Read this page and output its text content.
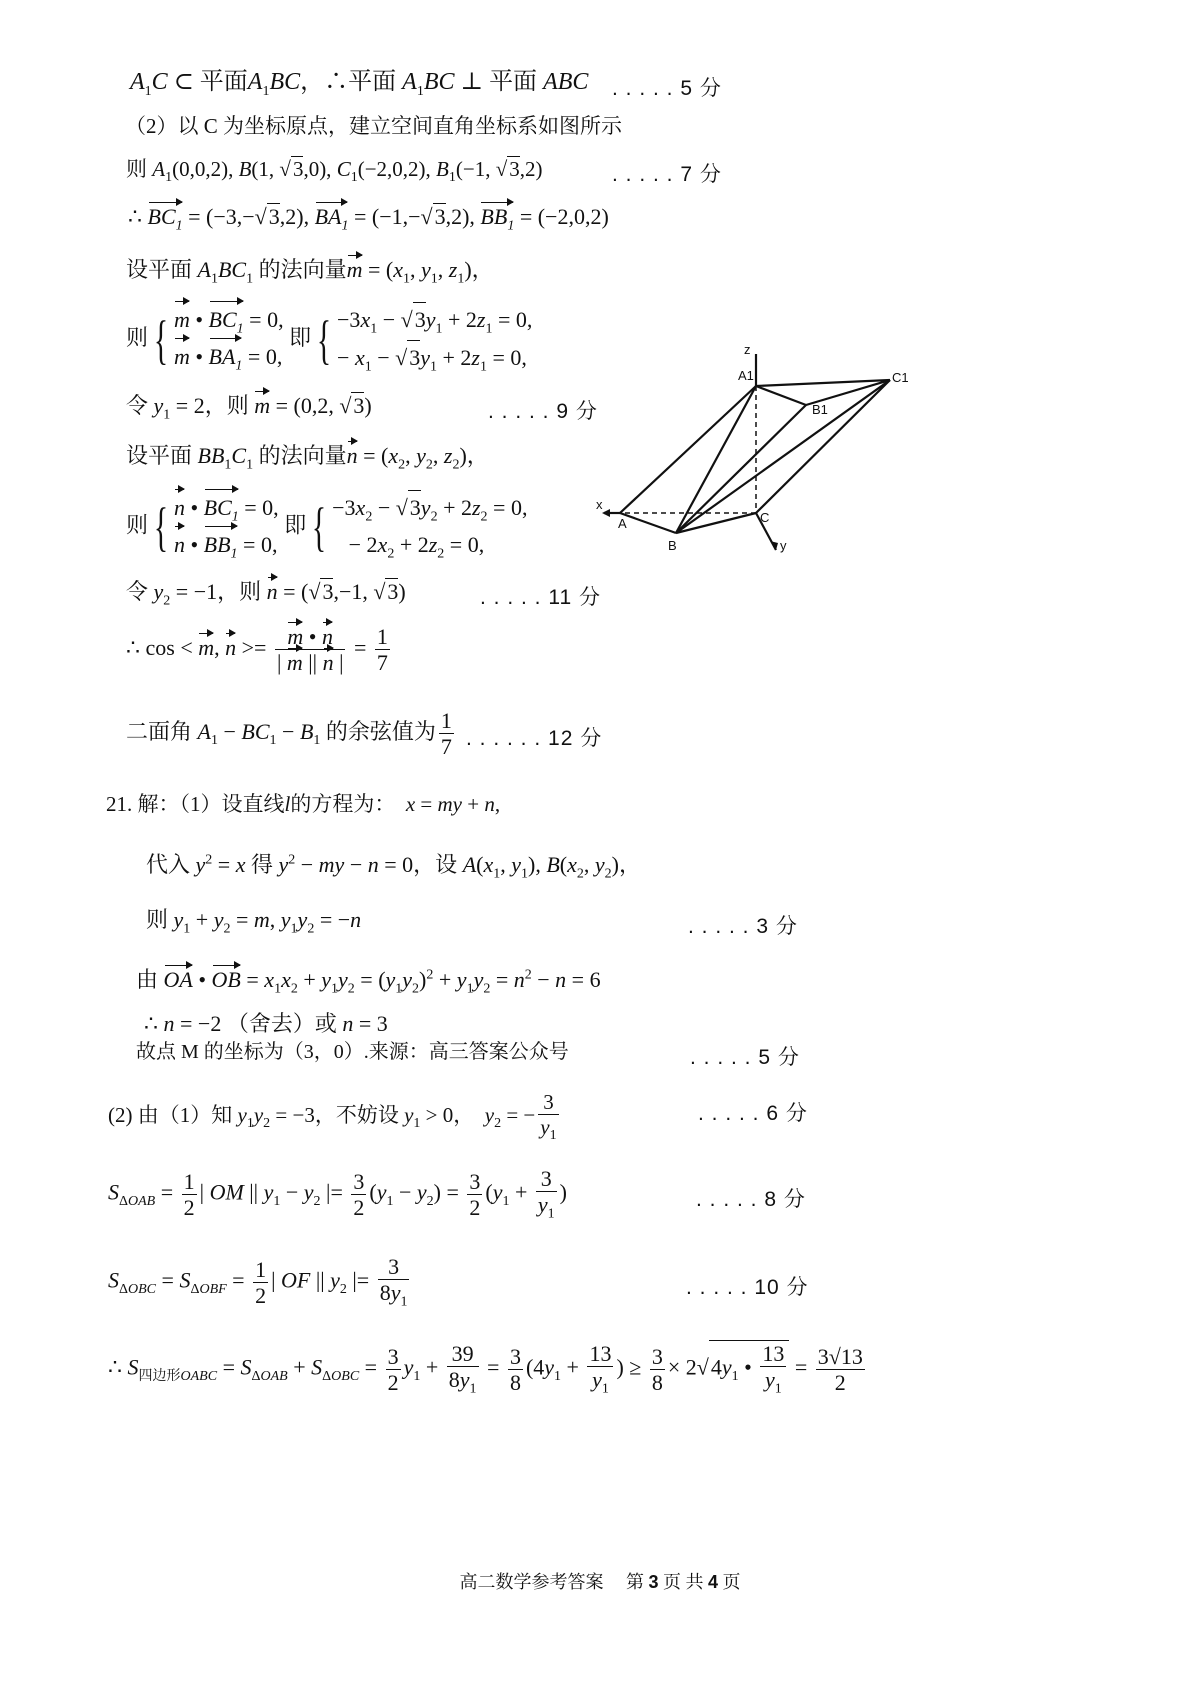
$A_1C$ ⊂ 平面$A_1BC$，∴平面 $A_1BC$ ⊥ 平面 ABC . . . . . 5 分
（2）以 C 为坐标原点，建立空间直角坐标系如图所示
则 $A_1(0,0,2)$, B(1, √3,0), $C_1(-2,0,2)$, $B_1(-1$, √3,2)	. . . . . 7 分
∴ $BC_1 = (-3,-√3,2)$, $BA_1 = (-1,-√3,2)$, $BB_1 = (-2,0,2)$
设平面 $A_1BC_1$ 的法向量$m = (x_1$, $y_1$, $z_1$)，
则 { m • $BC_1 = 0$,
m • $BA_1 = 0$, 即 { $-3x_1 - √3y_1 + 2z_1 = 0$,
− $x_1 - √3y_1 + 2z_1 = 0$,
令 $y_1 = 2$，则 m = (0,2, √3)	. . . . . 9 分
设平面 $BB_1C_1$ 的法向量$n = (x_2$, $y_2$, $z_2$)，
则 { n • $BC_1 = 0$,
n • $BB_1 = 0$, 即 { $-3x_2 - √3y_2 + 2z_2 = 0$,
− $2x_2 + 2z_2 = 0$,
令 $y_2 = -1$，则 n = (√3,−1, √3)	. . . . . 11 分
∴ cos < m, $n >= \frac{m • n}{| m || n |} = \frac{1}{7}$
二面角 $A_1 - BC_1 - B_1$ 的余弦值为 $\frac{1}{7}$ . . . . . . 12 分
21. 解：（1）设直线l的方程为： x = my + n,
代入 $y^2 = x$ 得 $y^2$ − my − n = 0，设 $A(x_1$, $y_1$), $B(x_2$, $y_2$)，
则 $y_1 + y_2 = m$, $y_1y_2 = -n$	. . . . . 3 分
由 OA • OB = $x_1x_2 + y_1y_2 = (y_1y_2)^2 + y_1y_2 = n^2 - n = 6$
∴ n = −2 （舍去）或 n = 3
故点 M 的坐标为（3，0）.来源：高三答案公众号	. . . . . 5 分
(2) 由（1）知 $y_1y_2 = -3$，不妨设 $y_1 > 0$，  $y_2$ = − $\frac{3}{y_1}$	. . . . . 6 分
$S_{\Delta OAB} = \frac{1}{2}$ | OM || $y_1 - y_2$ |= $\frac{3}{2} (y_1 - y_2) = \frac{3}{2} (y_1 + \frac{3}{y_1}$ )	. . . . . 8 分
$S_{\Delta OBC} = S_{\Delta OBF} = \frac{1}{2}$ | OF || $y_2$ |= $\frac{3}{8y_1}$	. . . . . 10 分
∴ $S_{四边形OABC} = S_{\Delta OAB} + S_{\Delta OBC} = \frac{3}{2} y_1 + \frac{39}{8y_1} = \frac{3}{8} (4y_1 + \frac{13}{y_1}$ ) ≥ $\frac{3}{8} \times 2√4y_1$ • $\frac{13}{y_1} = \frac{3√13}{2}$
z
x
y
A1	C1
B1
A
B
C
高二数学参考答案 第 3 页 共 4 页
